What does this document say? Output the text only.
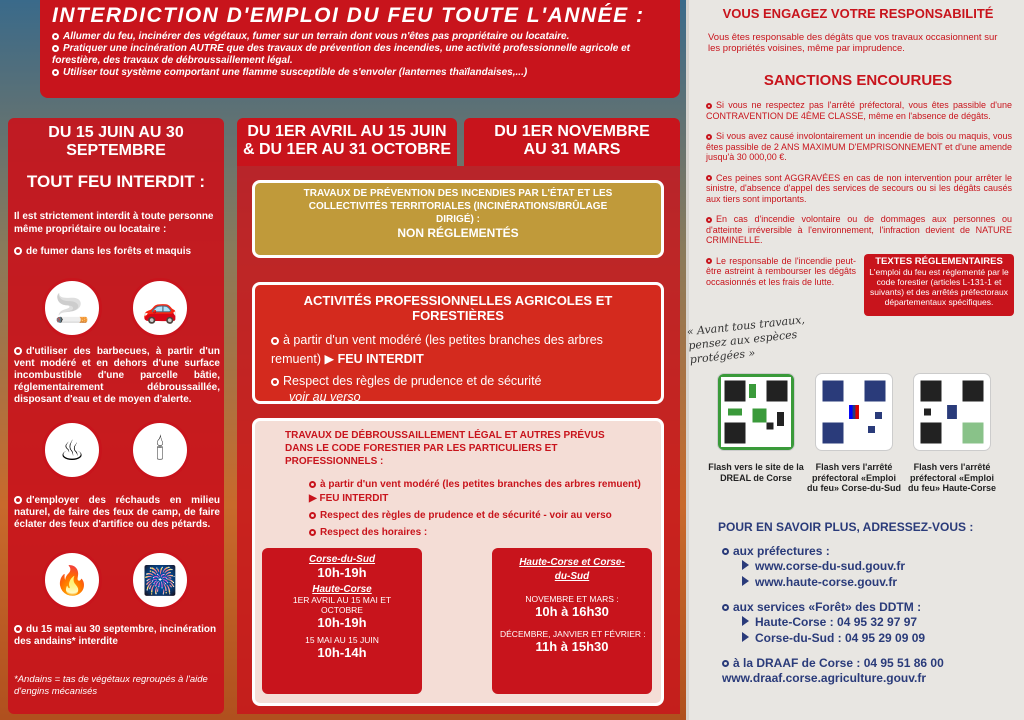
INTERDICTION D'EMPLOI DU FEU TOUTE L'ANNÉE :
Allumer du feu, incinérer des végétaux, fumer sur un terrain dont vous n'êtes pas propriétaire ou locataire.
Pratiquer une incinération AUTRE que des travaux de prévention des incendies, une activité professionnelle agricole et forestière, des travaux de débroussaillement légal.
Utiliser tout système comportant une flamme susceptible de s'envoler (lanternes thaïlandaises,...)
DU 15 JUIN AU 30 SEPTEMBRE
TOUT FEU INTERDIT :
Il est strictement interdit à toute personne même propriétaire ou locataire :
de fumer dans les forêts et maquis
🚬	🚗
d'utiliser des barbecues, à partir d'un vent modéré et en dehors d'une surface incombustible d'une parcelle bâtie, réglementairement débroussaillée, disposant d'eau et de moyen d'alerte.
♨	🕯
d'employer des réchauds en milieu naturel, de faire des feux de camp, de faire éclater des feux d'artifice ou des pétards.
🔥	🎆
du 15 mai au 30 septembre, incinération des andains* interdite
*Andains = tas de végétaux regroupés à l'aide d'engins mécanisés
DU 1ER AVRIL AU 15 JUIN
& DU 1ER AU 31 OCTOBRE
DU 1ER NOVEMBRE
AU 31 MARS
TRAVAUX DE PRÉVENTION DES INCENDIES PAR L'ÉTAT ET LES COLLECTIVITÉS TERRITORIALES (INCINÉRATIONS/BRÛLAGE DIRIGÉ) :
NON RÉGLEMENTÉS
ACTIVITÉS PROFESSIONNELLES AGRICOLES ET FORESTIÈRES
à partir d'un vent modéré (les petites branches des arbres remuent) ▶ FEU INTERDIT
Respect des règles de prudence et de sécurité
voir au verso
TRAVAUX DE DÉBROUSSAILLEMENT LÉGAL ET AUTRES PRÉVUS DANS LE CODE FORESTIER PAR LES PARTICULIERS ET PROFESSIONNELS :
à partir d'un vent modéré (les petites branches des arbres remuent)
▶ FEU INTERDIT
Respect des règles de prudence et de sécurité - voir au verso
Respect des horaires :
Corse-du-Sud
10h-19h
Haute-Corse
1ER AVRIL AU 15 MAI ET OCTOBRE
10h-19h
15 MAI AU 15 JUIN
10h-14h
Haute-Corse et Corse-du-Sud
NOVEMBRE ET MARS :
10h à 16h30
DÉCEMBRE, JANVIER ET FÉVRIER :
11h à 15h30
VOUS ENGAGEZ VOTRE RESPONSABILITÉ
Vous êtes responsable des dégâts que vos travaux occasionnent sur les propriétés voisines, même par imprudence.
SANCTIONS ENCOURUES
Si vous ne respectez pas l'arrêté préfectoral, vous êtes passible d'une CONTRAVENTION DE 4ÈME CLASSE, même en l'absence de dégâts.
Si vous avez causé involontairement un incendie de bois ou maquis, vous êtes passible de 2 ANS MAXIMUM D'EMPRISONNEMENT et d'une amende jusqu'à 30 000,00 €.
Ces peines sont AGGRAVÉES en cas de non intervention pour arrêter le sinistre, d'absence d'appel des services de secours ou si les dégâts causés aux tiers sont importants.
En cas d'incendie volontaire ou de dommages aux personnes ou d'atteinte irréversible à l'environnement, l'infraction devient de NATURE CRIMINELLE.
Le responsable de l'incendie peut-être astreint à rembourser les dégâts occasionnés et les frais de lutte.
TEXTES RÉGLEMENTAIRES
L'emploi du feu est réglementé par le code forestier (articles L-131-1 et suivants) et des arrêtés préfectoraux départementaux spécifiques.
« Avant tous travaux, pensez aux espèces protégées »
Flash vers le site de la DREAL de Corse
Flash vers l'arrêté préfectoral «Emploi du feu» Corse-du-Sud
Flash vers l'arrêté préfectoral «Emploi du feu» Haute-Corse
POUR EN SAVOIR PLUS, ADRESSEZ-VOUS :
aux préfectures :
www.corse-du-sud.gouv.fr
www.haute-corse.gouv.fr
aux services «Forêt» des DDTM :
Haute-Corse : 04 95 32 97 97
Corse-du-Sud : 04 95 29 09 09
à la DRAAF de Corse : 04 95 51 86 00
www.draaf.corse.agriculture.gouv.fr
